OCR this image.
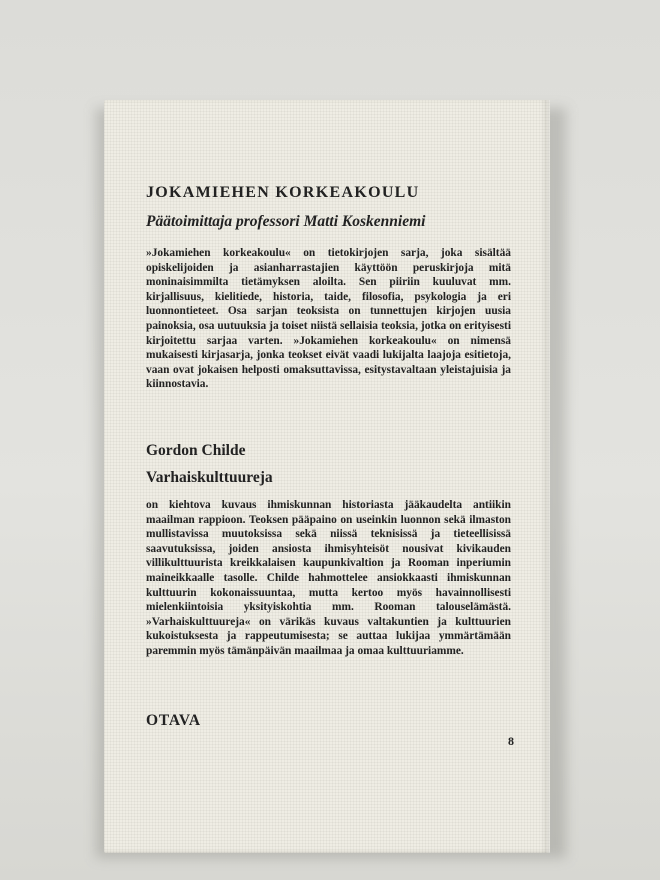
JOKAMIEHEN KORKEAKOULU
Päätoimittaja professori Matti Koskenniemi
»Jokamiehen korkeakoulu« on tietokirjojen sarja, joka sisältää opiskelijoiden ja asianharrastajien käyttöön peruskirjoja mitä moninaisimmilta tietämyksen aloilta. Sen piiriin kuuluvat mm. kirjallisuus, kielitiede, historia, taide, filosofia, psykologia ja eri luonnontieteet. Osa sarjan teoksista on tunnettujen kirjojen uusia painoksia, osa uutuuksia ja toiset niistä sellaisia teoksia, jotka on erityisesti kirjoitettu sarjaa varten. »Jokamiehen korkeakoulu« on nimensä mukaisesti kirjasarja, jonka teokset eivät vaadi lukijalta laajoja esitietoja, vaan ovat jokaisen helposti omaksuttavissa, esitystavaltaan yleistajuisia ja kiinnostavia.
Gordon Childe
Varhaiskulttuureja
on kiehtova kuvaus ihmiskunnan historiasta jääkaudelta antiikin maailman rappioon. Teoksen pääpaino on useinkin luonnon sekä ilmaston mullistavissa muutoksissa sekä niissä teknisissä ja tieteellisissä saavutuksissa, joiden ansiosta ihmisyhteisöt nousivat kivikauden villikulttuurista kreikkalaisen kaupunkivaltion ja Rooman inperiumin maineikkaalle tasolle. Childe hahmottelee ansiokkaasti ihmiskunnan kulttuurin kokonaissuuntaa, mutta kertoo myös havainnollisesti mielenkiintoisia yksityiskohtia mm. Rooman talouselämästä. »Varhaiskulttuureja« on värikäs kuvaus valtakuntien ja kulttuurien kukoistuksesta ja rappeutumisesta; se auttaa lukijaa ymmärtämään paremmin myös tämänpäivän maailmaa ja omaa kulttuuriamme.
OTAVA
8
